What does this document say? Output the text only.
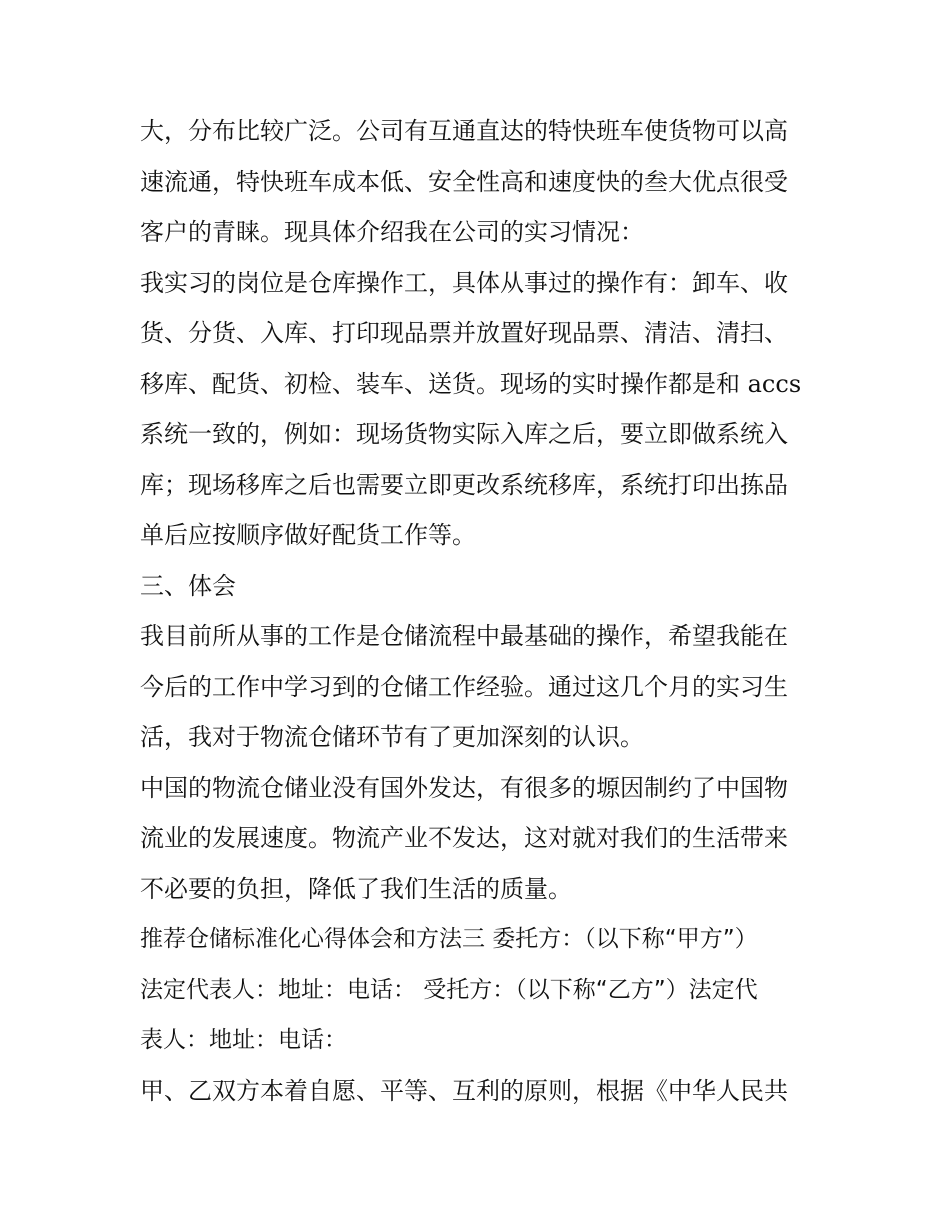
大，分布比较广泛。公司有互通直达的特快班车使货物可以高
速流通，特快班车成本低、安全性高和速度快的叁大优点很受
客户的青睐。现具体介绍我在公司的实习情况：
我实习的岗位是仓库操作工，具体从事过的操作有：卸车、收
货、分货、入库、打印现品票并放置好现品票、清洁、清扫、
移库、配货、初检、装车、送货。现场的实时操作都是和 accs
系统一致的，例如：现场货物实际入库之后，要立即做系统入
库；现场移库之后也需要立即更改系统移库，系统打印出拣品
单后应按顺序做好配货工作等。
三、体会
我目前所从事的工作是仓储流程中最基础的操作，希望我能在
今后的工作中学习到的仓储工作经验。通过这几个月的实习生
活，我对于物流仓储环节有了更加深刻的认识。
中国的物流仓储业没有国外发达，有很多的塬因制约了中国物
流业的发展速度。物流产业不发达，这对就对我们的生活带来
不必要的负担，降低了我们生活的质量。
推荐仓储标准化心得体会和方法三 委托方：（以下称“甲方”）
法定代表人：地址：电话： 受托方：（以下称“乙方”）法定代
表人：地址：电话：
甲、乙双方本着自愿、平等、互利的原则，根据《中华人民共
